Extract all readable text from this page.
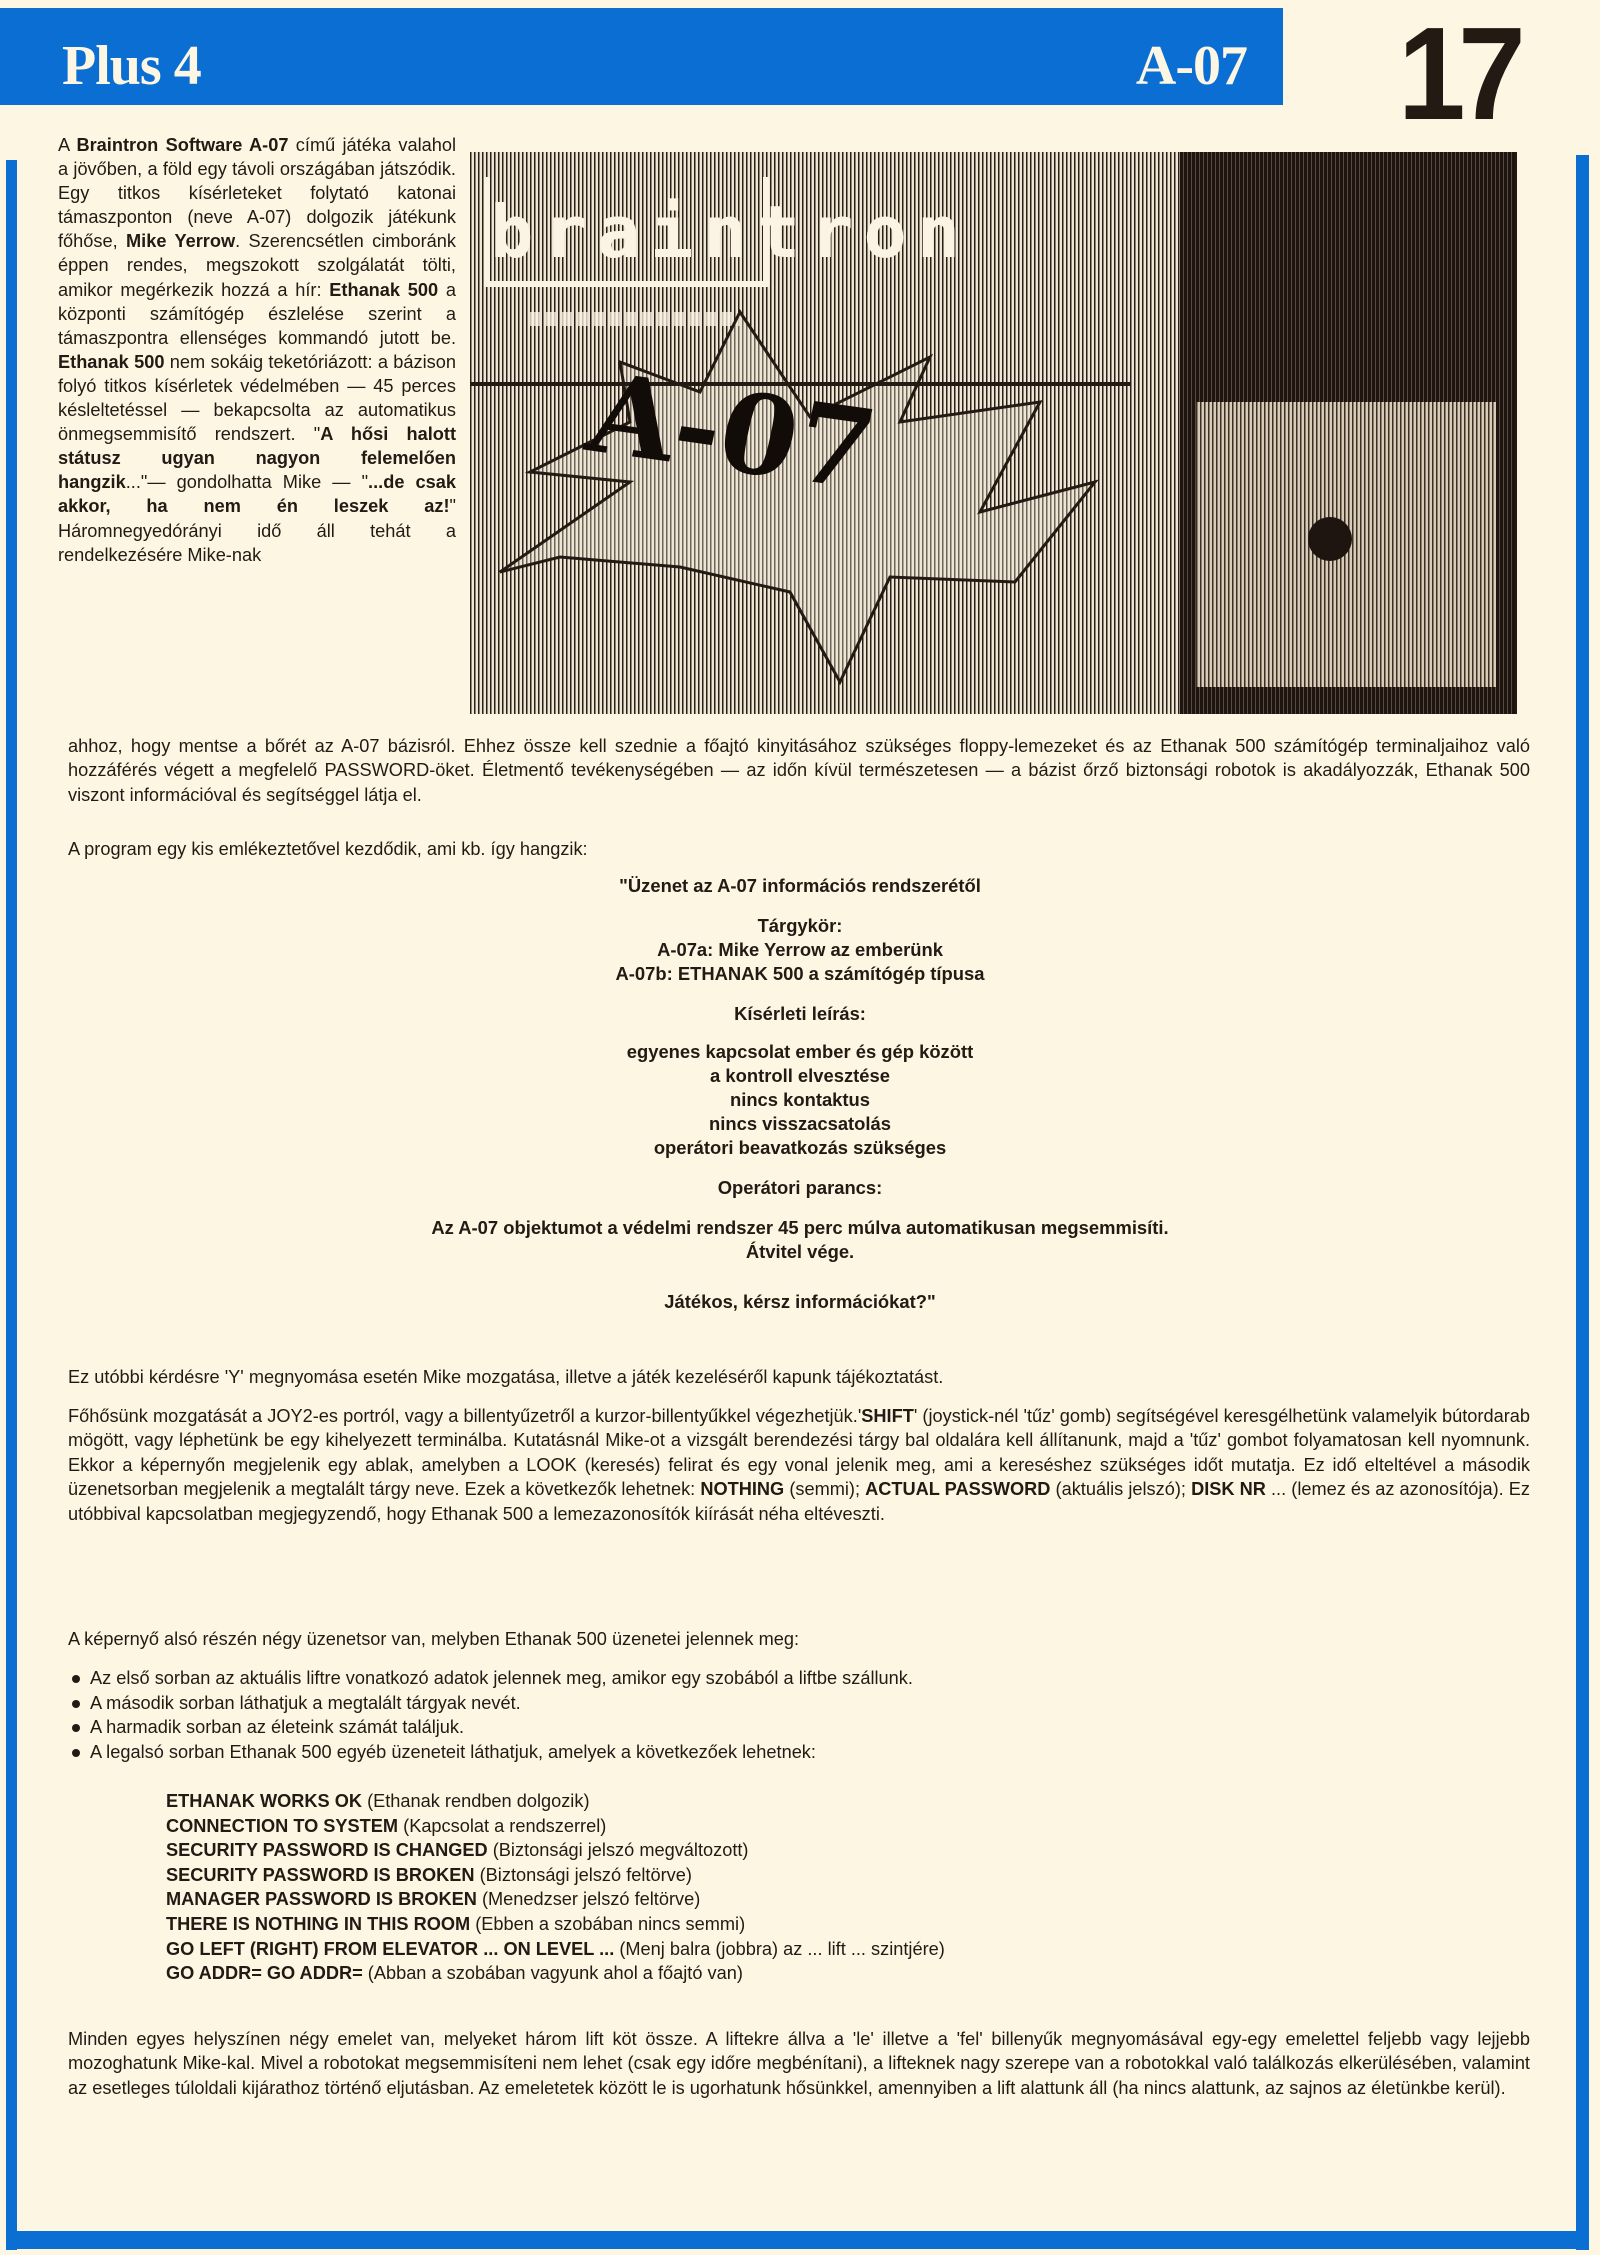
Plus 4	A-07 17
A Braintron Software A-07 című játéka valahol a jövőben, a föld egy távoli országában játszódik. Egy titkos kísérleteket folytató katonai támaszponton (neve A-07) dolgozik játékunk főhőse, Mike Yerrow. Szerencsétlen cimboránk éppen rendes, megszokott szolgálatát tölti, amikor megérkezik hozzá a hír: Ethanak 500 a központi számítógép észlelése szerint a támaszpontra ellenséges kommandó jutott be. Ethanak 500 nem sokáig teketóriázott: a bázison folyó titkos kísérletek védelmében — 45 perces késleltetéssel — bekapcsolta az automatikus önmegsemmisítő rendszert. "A hősi halott státusz ugyan nagyon felemelően hangzik..."— gondolhatta Mike — "...de csak akkor, ha nem én leszek az!" Háromnegyedórányi idő áll tehát a rendelkezésére Mike-nak
braintron
A-07
ahhoz, hogy mentse a bőrét az A-07 bázisról. Ehhez össze kell szednie a főajtó kinyitásához szükséges floppy-lemezeket és az Ethanak 500 számítógép terminaljaihoz való hozzáférés végett a megfelelő PASSWORD-öket. Életmentő tevékenységében — az időn kívül természetesen — a bázist őrző biztonsági robotok is akadályozzák, Ethanak 500 viszont információval és segítséggel látja el.
A program egy kis emlékeztetővel kezdődik, ami kb. így hangzik:

"Üzenet az A-07 információs rendszerétől

Tárgykör:

A-07a: Mike Yerrow az emberünk

A-07b: ETHANAK 500 a számítógép típusa

Kísérleti leírás:

egyenes kapcsolat ember és gép között

a kontroll elvesztése

nincs kontaktus

nincs visszacsatolás

operátori beavatkozás szükséges

Operátori parancs:

Az A-07 objektumot a védelmi rendszer 45 perc múlva automatikusan megsemmisíti.

Átvitel vége.

Játékos, kérsz információkat?"

Ez utóbbi kérdésre 'Y' megnyomása esetén Mike mozgatása, illetve a játék kezeléséről kapunk tájékoztatást.
Főhősünk mozgatását a JOY2-es portról, vagy a billentyűzetről a kurzor-billentyűkkel végezhetjük.'SHIFT' (joystick-nél 'tűz' gomb) segítségével keresgélhetünk valamelyik bútordarab mögött, vagy léphetünk be egy kihelyezett terminálba. Kutatásnál Mike-ot a vizsgált berendezési tárgy bal oldalára kell állítanunk, majd a 'tűz' gombot folyamatosan kell nyomnunk. Ekkor a képernyőn megjelenik egy ablak, amelyben a LOOK (keresés) felirat és egy vonal jelenik meg, ami a kereséshez szükséges időt mutatja. Ez idő elteltével a második üzenetsorban megjelenik a megtalált tárgy neve. Ezek a következők lehetnek: NOTHING (semmi); ACTUAL PASSWORD (aktuális jelszó); DISK NR ... (lemez és az azonosítója). Ez utóbbival kapcsolatban megjegyzendő, hogy Ethanak 500 a lemezazonosítók kiírását néha eltéveszti.
A képernyő alsó részén négy üzenetsor van, melyben Ethanak 500 üzenetei jelennek meg:
Az első sorban az aktuális liftre vonatkozó adatok jelennek meg, amikor egy szobából a liftbe szállunk.
A második sorban láthatjuk a megtalált tárgyak nevét.
A harmadik sorban az életeink számát találjuk.
A legalsó sorban Ethanak 500 egyéb üzeneteit láthatjuk, amelyek a következőek lehetnek:
ETHANAK WORKS OK (Ethanak rendben dolgozik)
CONNECTION TO SYSTEM (Kapcsolat a rendszerrel)
SECURITY PASSWORD IS CHANGED (Biztonsági jelszó megváltozott)
SECURITY PASSWORD IS BROKEN (Biztonsági jelszó feltörve)
MANAGER PASSWORD IS BROKEN (Menedzser jelszó feltörve)
THERE IS NOTHING IN THIS ROOM (Ebben a szobában nincs semmi)
GO LEFT (RIGHT) FROM ELEVATOR ... ON LEVEL ... (Menj balra (jobbra) az ... lift ... szintjére)
GO ADDR= GO ADDR= (Abban a szobában vagyunk ahol a főajtó van)
Minden egyes helyszínen négy emelet van, melyeket három lift köt össze. A liftekre állva a 'le' illetve a 'fel' billenyűk megnyomásával egy-egy emelettel feljebb vagy lejjebb mozoghatunk Mike-kal. Mivel a robotokat megsemmisíteni nem lehet (csak egy időre megbénítani), a lifteknek nagy szerepe van a robotokkal való találkozás elkerülésében, valamint az esetleges túloldali kijárathoz történő eljutásban. Az emeletetek között le is ugorhatunk hősünkkel, amennyiben a lift alattunk áll (ha nincs alattunk, az sajnos az életünkbe kerül).
